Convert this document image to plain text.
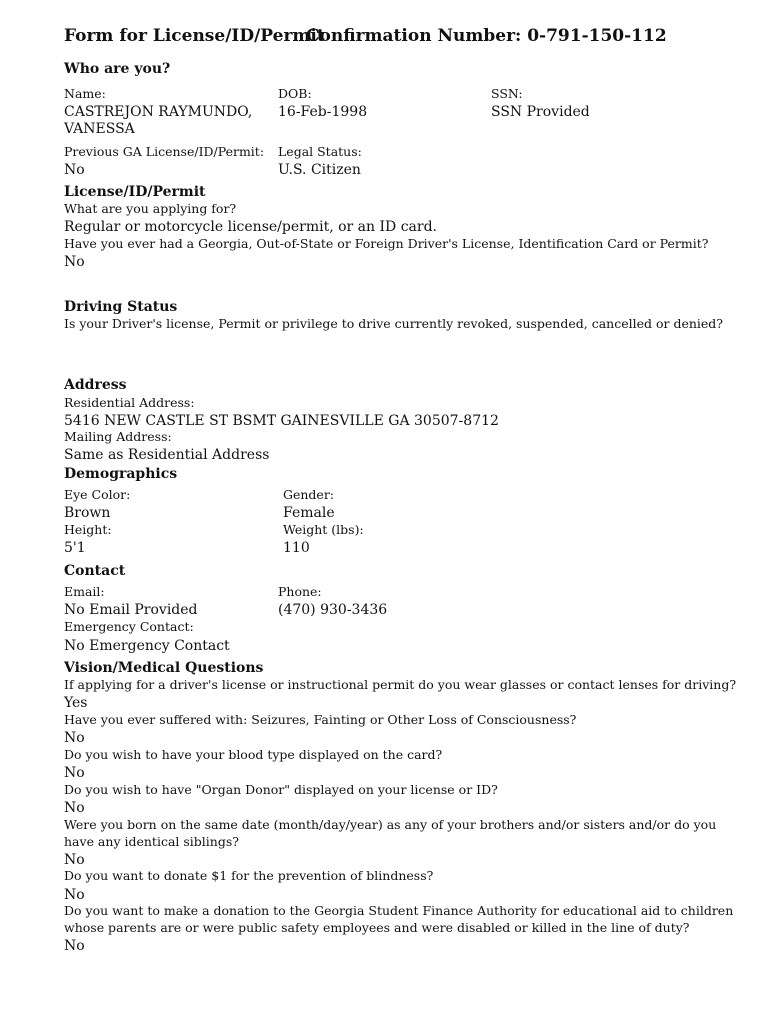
Form for License/ID/Permit
Confirmation Number: 0-791-150-112
Who are you?
Name:
CASTREJON RAYMUNDO,
VANESSA
DOB:
16-Feb-1998
SSN:
SSN Provided
Previous GA License/ID/Permit:
No
Legal Status:
U.S. Citizen
License/ID/Permit
What are you applying for?
Regular or motorcycle license/permit, or an ID card.
Have you ever had a Georgia, Out-of-State or Foreign Driver's License, Identification Card or Permit?
No
Driving Status
Is your Driver's license, Permit or privilege to drive currently revoked, suspended, cancelled or denied?
Address
Residential Address:
5416 NEW CASTLE ST BSMT GAINESVILLE GA 30507-8712
Mailing Address:
Same as Residential Address
Demographics
Eye Color:
Brown
Gender:
Female
Height:
5'1
Weight (lbs):
110
Contact
Email:
No Email Provided
Phone:
(470) 930-3436
Emergency Contact:
No Emergency Contact
Vision/Medical Questions
If applying for a driver's license or instructional permit do you wear glasses or contact lenses for driving?
Yes
Have you ever suffered with: Seizures, Fainting or Other Loss of Consciousness?
No
Do you wish to have your blood type displayed on the card?
No
Do you wish to have "Organ Donor" displayed on your license or ID?
No
Were you born on the same date (month/day/year) as any of your brothers and/or sisters and/or do you
have any identical siblings?
No
Do you want to donate $1 for the prevention of blindness?
No
Do you want to make a donation to the Georgia Student Finance Authority for educational aid to children
whose parents are or were public safety employees and were disabled or killed in the line of duty?
No
